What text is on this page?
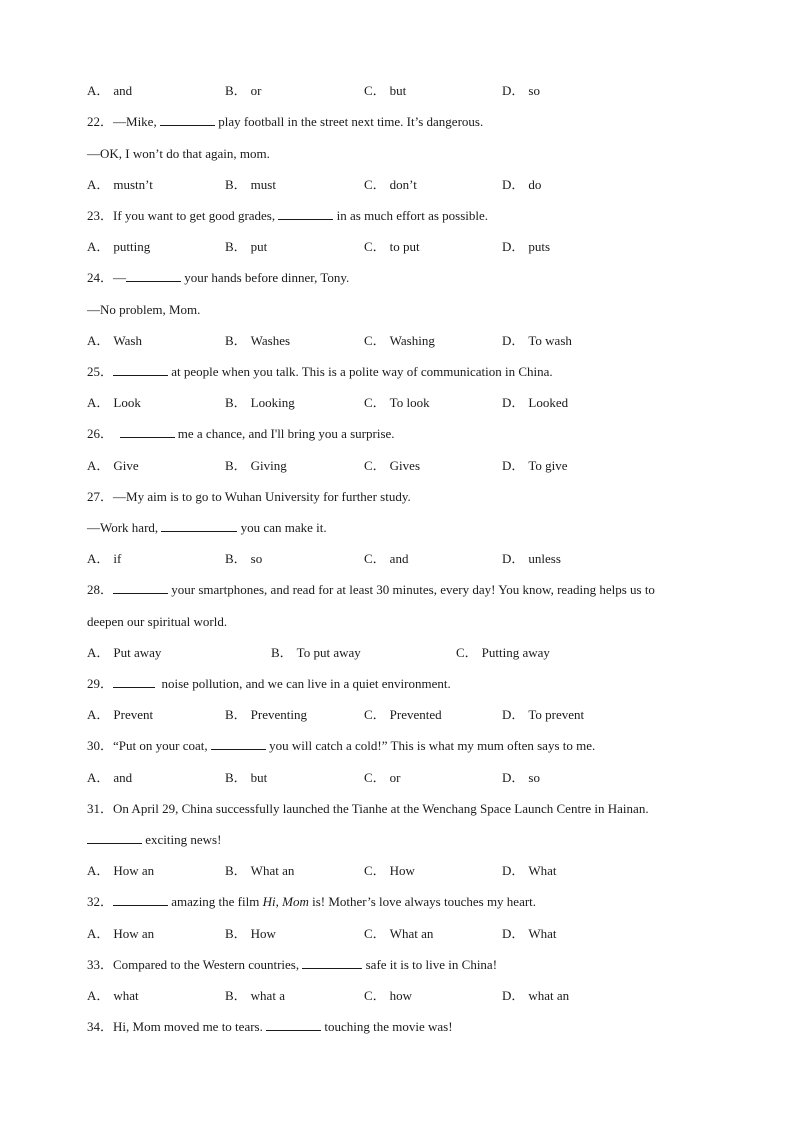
A． and	B． or	C． but	D． so
22．—Mike,	play football in the street next time. It’s dangerous.
—OK, I won’t do that again, mom.
A． mustn’t	B． must	C． don’t	D． do
23．If you want to get good grades,	in as much effort as possible.
A． putting	B． put	C． to put	D． puts
24．—	your hands before dinner, Tony.
—No problem, Mom.
A． Wash	B． Washes	C． Washing	D． To wash
25．	at people when you talk. This is a polite way of communication in China.
A． Look	B． Looking	C． To look	D． Looked
26．	me a chance, and I'll bring you a surprise.
A． Give	B． Giving	C． Gives	D． To give
27．—My aim is to go to Wuhan University for further study.
—Work hard,	you can make it.
A． if	B． so	C． and	D． unless
28．	your smartphones, and read for at least 30 minutes, every day! You know, reading helps us to
deepen our spiritual world.
A． Put away	B． To put away	C． Putting away
29．	noise pollution, and we can live in a quiet environment.
A． Prevent	B． Preventing	C． Prevented	D． To prevent
30．“Put on your coat,	you will catch a cold!” This is what my mum often says to me.
A． and	B． but	C． or	D． so
31．On April 29, China successfully launched the Tianhe at the Wenchang Space Launch Centre in Hainan.
exciting news!
A． How an	B． What an	C． How	D． What
32．	amazing the film Hi, Mom is! Mother’s love always touches my heart.
A． How an	B． How	C． What an	D． What
33．Compared to the Western countries,	safe it is to live in China!
A． what	B． what a	C． how	D． what an
34．Hi, Mom moved me to tears.	touching the movie was!
